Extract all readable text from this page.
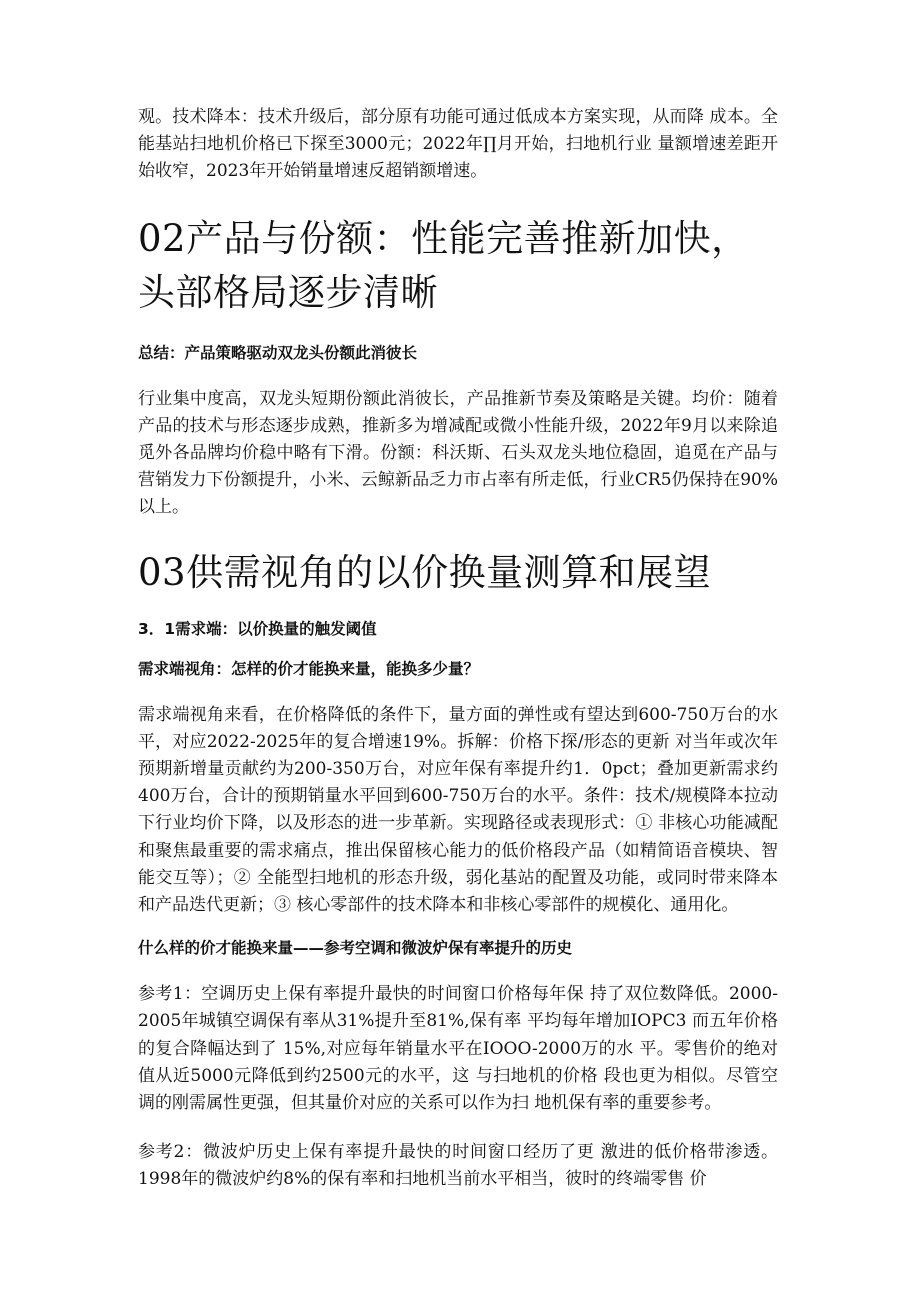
观。技术降本：技术升级后，部分原有功能可通过低成本方案实现，从而降 成本。全能基站扫地机价格已下探至3000元；2022年∏月开始，扫地机行业 量额增速差距开始收窄，2023年开始销量增速反超销额增速。

02产品与份额：性能完善推新加快，头部格局逐步清晰
总结：产品策略驱动双龙头份额此消彼长

行业集中度高，双龙头短期份额此消彼长，产品推新节奏及策略是关键。均价：随着产品的技术与形态逐步成熟，推新多为增减配或微小性能升级，2022年9月以来除追觅外各品牌均价稳中略有下滑。份额：科沃斯、石头双龙头地位稳固，追觅在产品与营销发力下份额提升，小米、云鲸新品乏力市占率有所走低，行业CR5仍保持在90%以上。

03供需视角的以价换量测算和展望
3．1需求端：以价换量的触发阈值
需求端视角：怎样的价才能换来量，能换多少量？

需求端视角来看，在价格降低的条件下，量方面的弹性或有望达到600-750万台的水平，对应2022-2025年的复合增速19%。拆解：价格下探/形态的更新 对当年或次年预期新增量贡献约为200-350万台，对应年保有率提升约1．0pct；叠加更新需求约400万台，合计的预期销量水平回到600-750万台的水平。条件：技术/规模降本拉动下行业均价下降，以及形态的进一步革新。实现路径或表现形式：① 非核心功能减配和聚焦最重要的需求痛点，推出保留核心能力的低价格段产品（如精简语音模块、智能交互等）；② 全能型扫地机的形态升级，弱化基站的配置及功能，或同时带来降本和产品迭代更新；③ 核心零部件的技术降本和非核心零部件的规模化、通用化。

什么样的价才能换来量——参考空调和微波炉保有率提升的历史

参考1：空调历史上保有率提升最快的时间窗口价格每年保 持了双位数降低。2000-2005年城镇空调保有率从31%提升至81%,保有率 平均每年增加IOPC3 而五年价格的复合降幅达到了 15%,对应每年销量水平在IOOO-2000万的水 平。零售价的绝对值从近5000元降低到约2500元的水平，这 与扫地机的价格 段也更为相似。尽管空调的刚需属性更强，但其量价对应的关系可以作为扫 地机保有率的重要参考。

参考2：微波炉历史上保有率提升最快的时间窗口经历了更 激进的低价格带渗透。1998年的微波炉约8%的保有率和扫地机当前水平相当，彼时的终端零售 价
